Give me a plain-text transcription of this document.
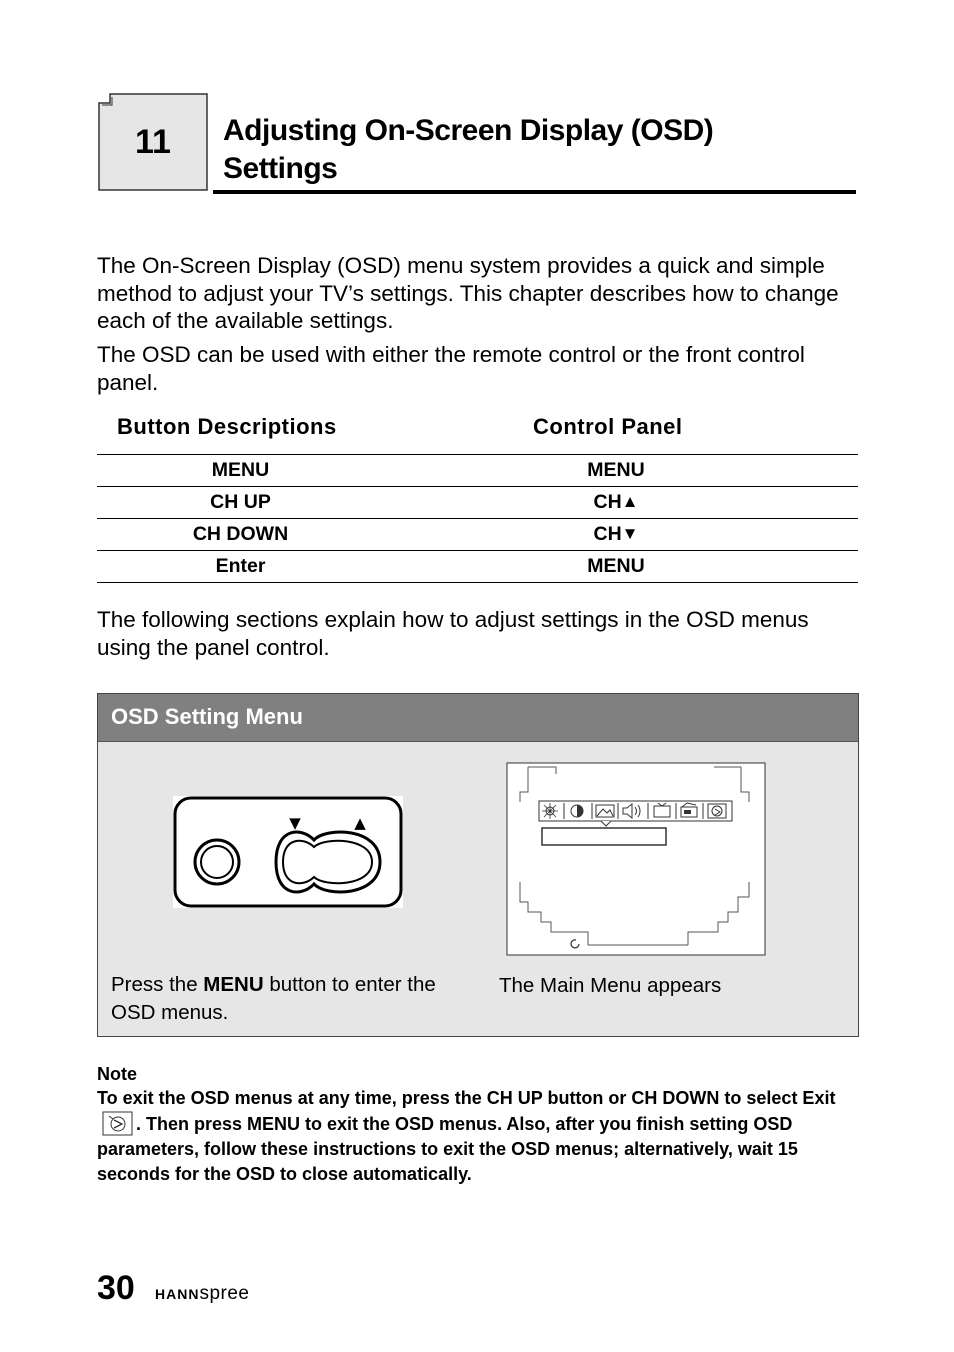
11	Adjusting On-Screen Display (OSD)
Settings

The On-Screen Display (OSD) menu system provides a quick and simple method to adjust your TV’s settings. This chapter describes how to change each of the available settings.

The OSD can be used with either the remote control or the front control panel.

Button Descriptions	Control Panel
MENU	MENU
CH UP	CH▲
CH DOWN	CH▼
Enter	MENU

The following sections explain how to adjust settings in the OSD menus using the panel control.

OSD Setting Menu
▼	▲
Press the MENU button to enter the OSD menus.
The Main Menu appears
Note
To exit the OSD menus at any time, press the CH UP button or CH DOWN to select Exit. Then press MENU to exit the OSD menus. Also, after you finish setting OSD parameters, follow these instructions to exit the OSD menus; alternatively, wait 15 seconds for the OSD to close automatically.
30 HANNspree
